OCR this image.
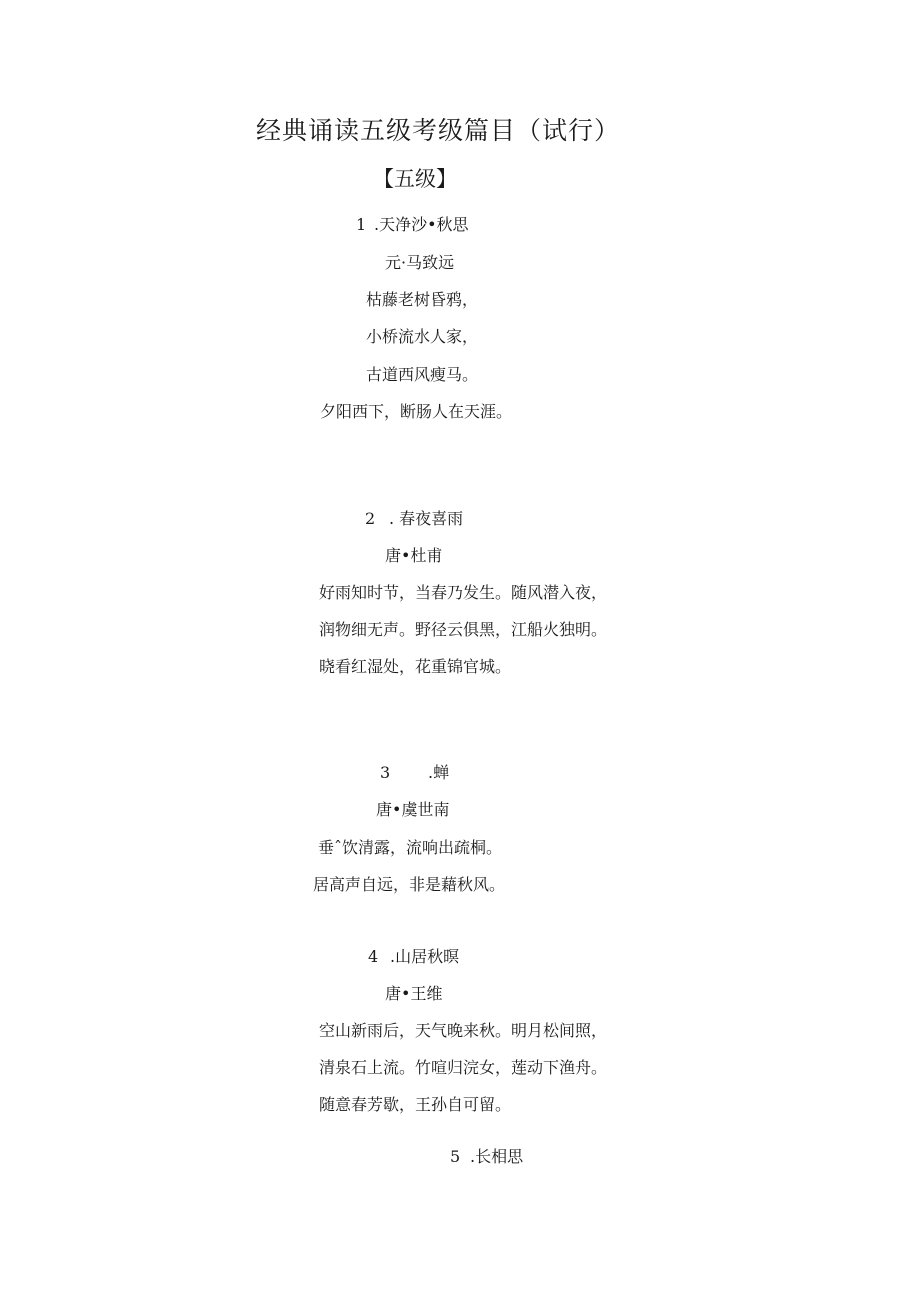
经典诵读五级考级篇目（试行）
【五级】
1 .天净沙•秋思
元·马致远
枯藤老树昏鸦，
小桥流水人家，
古道西风瘦马。
夕阳西下，断肠人在天涯。
2 . 春夜喜雨
唐•杜甫
好雨知时节，当春乃发生。随风潜入夜，
润物细无声。野径云俱黑，江船火独明。
晓看红湿处，花重锦官城。
3 .蝉
唐•虞世南
垂ˆ饮清露，流响出疏桐。
居高声自远，非是藉秋风。
4 .山居秋暝
唐•王维
空山新雨后，天气晚来秋。明月松间照，
清泉石上流。竹喧归浣女，莲动下渔舟。
随意春芳歇，王孙自可留。
5 .长相思
